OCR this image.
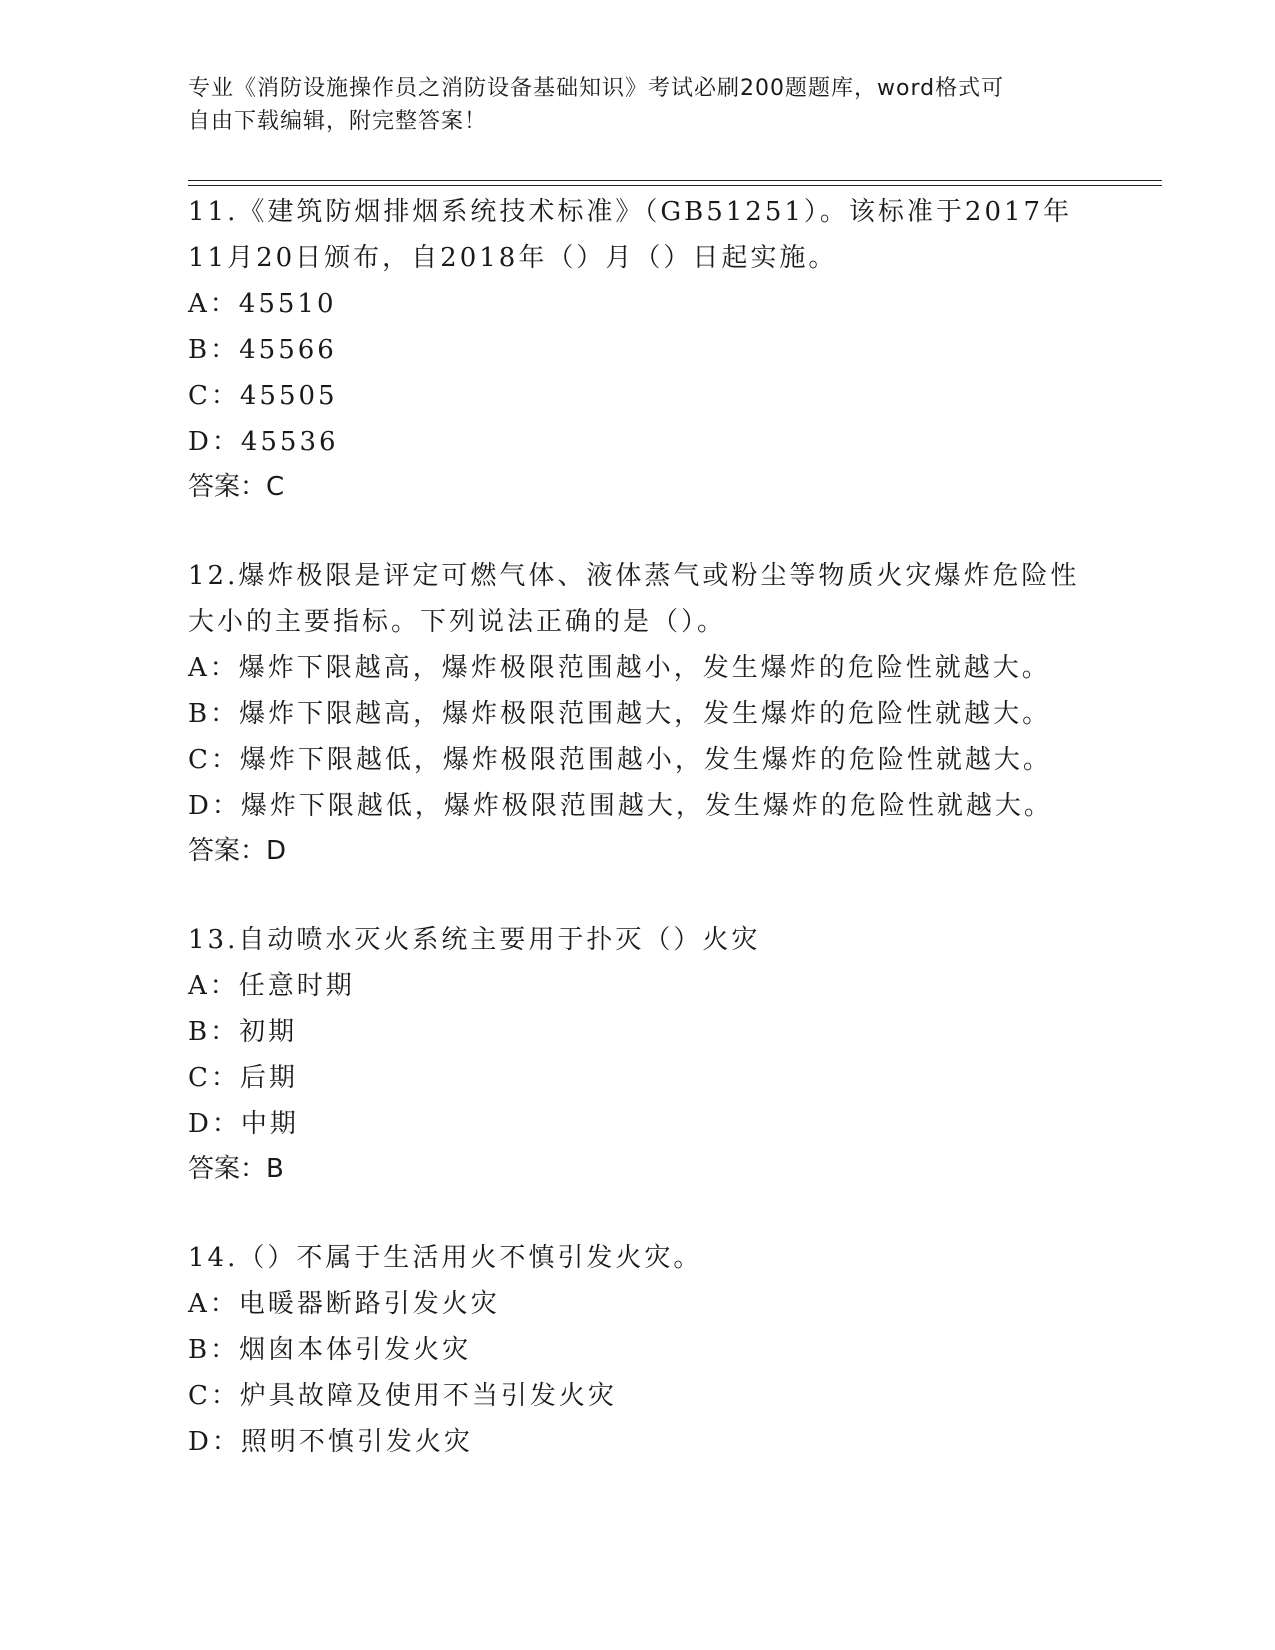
专业《消防设施操作员之消防设备基础知识》考试必刷200题题库，word格式可
自由下载编辑，附完整答案！
11.《建筑防烟排烟系统技术标准》（GB51251）。该标准于2017年11月20日颁布，自2018年（）月（）日起实施。
A：45510
B：45566
C：45505
D：45536
答案：C
12.爆炸极限是评定可燃气体、液体蒸气或粉尘等物质火灾爆炸危险性大小的主要指标。下列说法正确的是（）。
A：爆炸下限越高，爆炸极限范围越小，发生爆炸的危险性就越大。
B：爆炸下限越高，爆炸极限范围越大，发生爆炸的危险性就越大。
C：爆炸下限越低，爆炸极限范围越小，发生爆炸的危险性就越大。
D：爆炸下限越低，爆炸极限范围越大，发生爆炸的危险性就越大。
答案：D
13.自动喷水灭火系统主要用于扑灭（）火灾
A：任意时期
B：初期
C：后期
D：中期
答案：B
14.（）不属于生活用火不慎引发火灾。
A：电暖器断路引发火灾
B：烟囱本体引发火灾
C：炉具故障及使用不当引发火灾
D：照明不慎引发火灾
